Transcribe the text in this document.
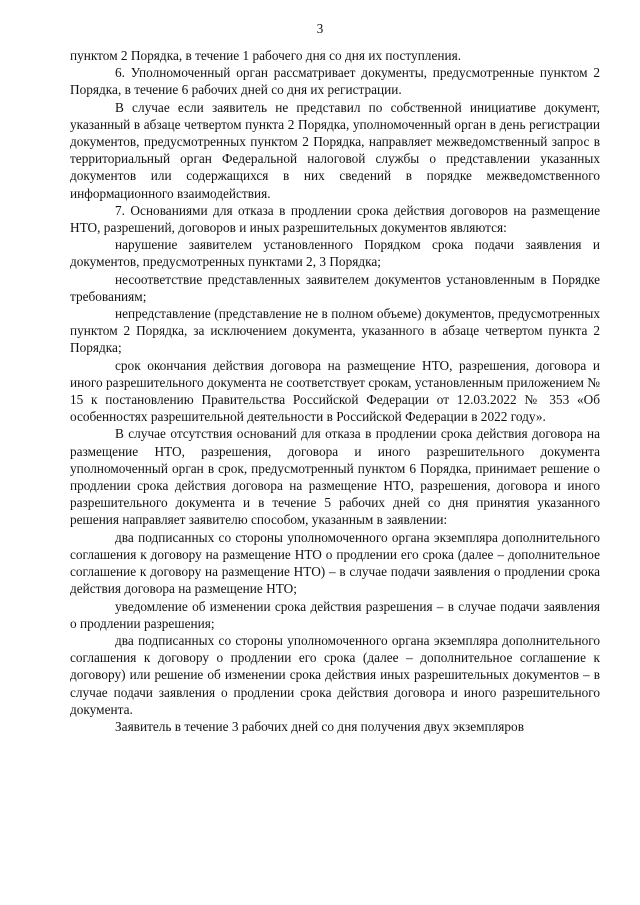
3

пунктом 2 Порядка, в течение 1 рабочего дня со дня их поступления.

6. Уполномоченный орган рассматривает документы, предусмотренные пунктом 2 Порядка, в течение 6 рабочих дней со дня их регистрации.

В случае если заявитель не представил по собственной инициативе документ, указанный в абзаце четвертом пункта 2 Порядка, уполномоченный орган в день регистрации документов, предусмотренных пунктом 2 Порядка, направляет межведомственный запрос в территориальный орган Федеральной налоговой службы о представлении указанных документов или содержащихся в них сведений в порядке межведомственного информационного взаимодействия.

7. Основаниями для отказа в продлении срока действия договоров на размещение НТО, разрешений, договоров и иных разрешительных документов являются:

нарушение заявителем установленного Порядком срока подачи заявления и документов, предусмотренных пунктами 2, 3 Порядка;

несоответствие представленных заявителем документов установленным в Порядке требованиям;

непредставление (представление не в полном объеме) документов, предусмотренных пунктом 2 Порядка, за исключением документа, указанного в абзаце четвертом пункта 2 Порядка;

срок окончания действия договора на размещение НТО, разрешения, договора и иного разрешительного документа не соответствует срокам, установленным приложением № 15 к постановлению Правительства Российской Федерации от 12.03.2022 № 353 «Об особенностях разрешительной деятельности в Российской Федерации в 2022 году».

В случае отсутствия оснований для отказа в продлении срока действия договора на размещение НТО, разрешения, договора и иного разрешительного документа уполномоченный орган в срок, предусмотренный пунктом 6 Порядка, принимает решение о продлении срока действия договора на размещение НТО, разрешения, договора и иного разрешительного документа и в течение 5 рабочих дней со дня принятия указанного решения направляет заявителю способом, указанным в заявлении:

два подписанных со стороны уполномоченного органа экземпляра дополнительного соглашения к договору на размещение НТО о продлении его срока (далее – дополнительное соглашение к договору на размещение НТО) – в случае подачи заявления о продлении срока действия договора на размещение НТО;

уведомление об изменении срока действия разрешения – в случае подачи заявления о продлении разрешения;

два подписанных со стороны уполномоченного органа экземпляра дополнительного соглашения к договору о продлении его срока (далее – дополнительное соглашение к договору) или решение об изменении срока действия иных разрешительных документов – в случае подачи заявления о продлении срока действия договора и иного разрешительного документа.

Заявитель в течение 3 рабочих дней со дня получения двух экземпляров
